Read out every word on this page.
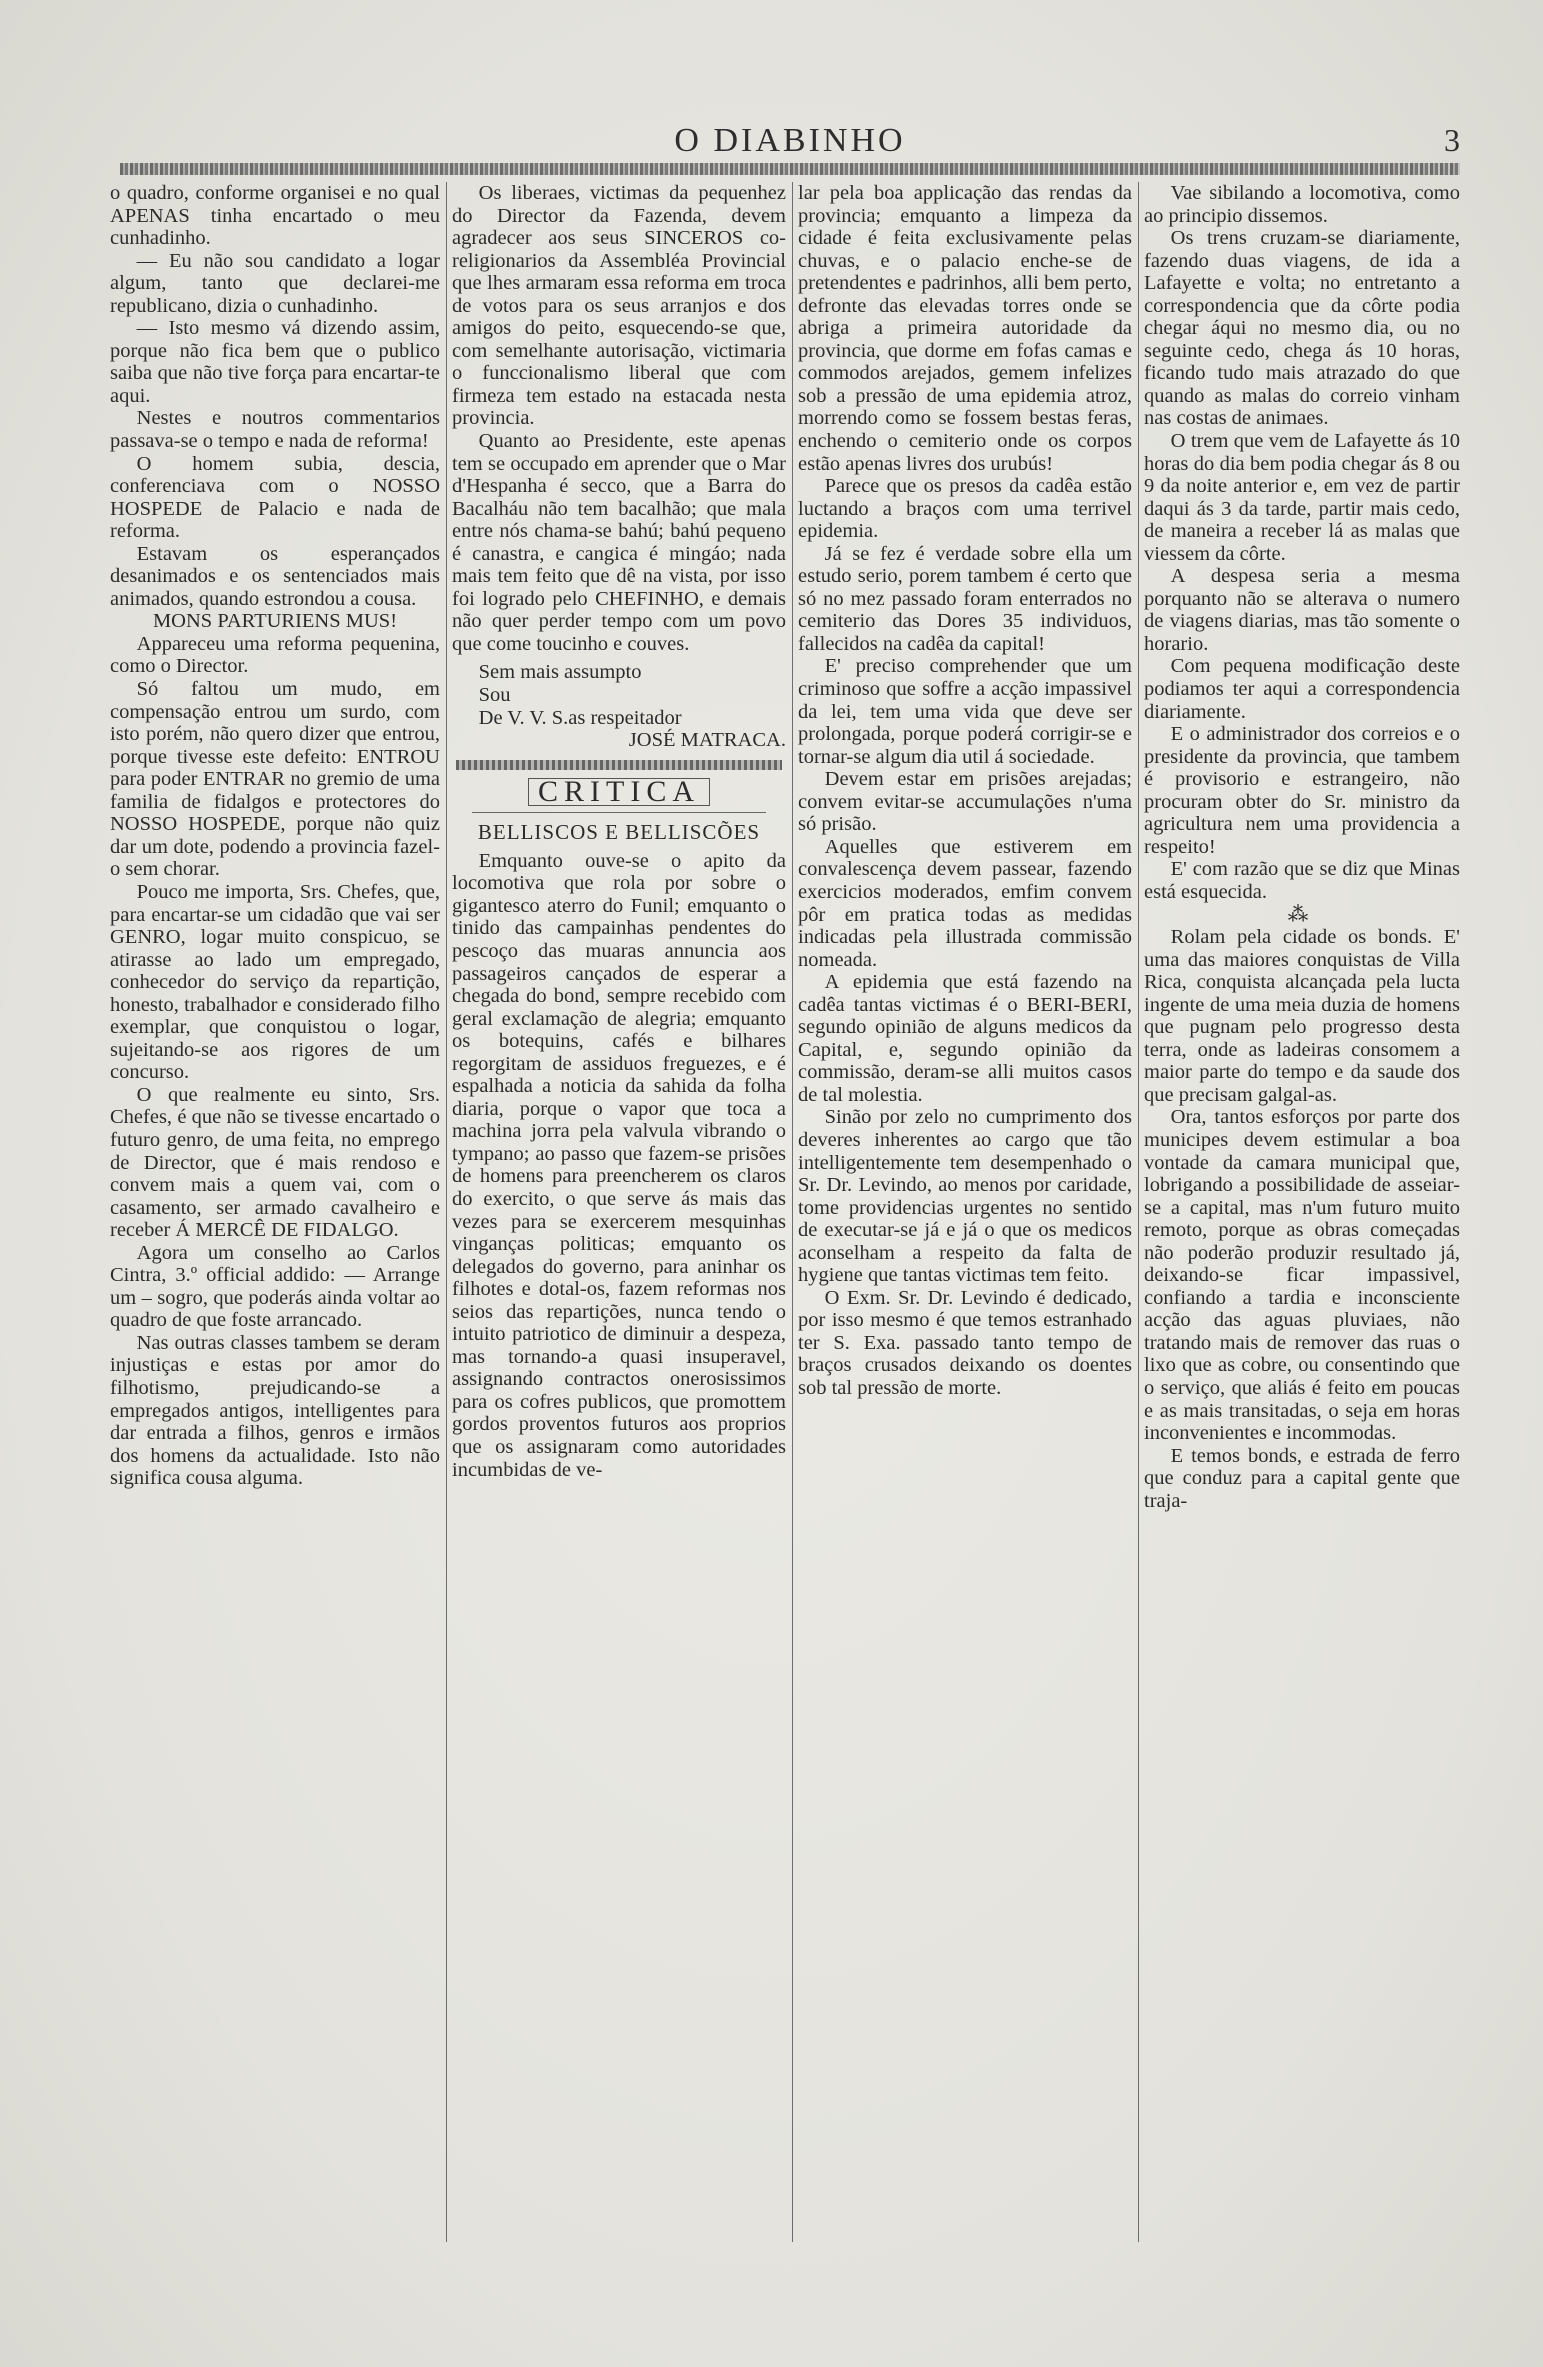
O DIABINHO	3

o quadro, conforme organisei e no qual APENAS tinha encartado o meu cunhadinho.

— Eu não sou candidato a logar algum, tanto que declarei-me republicano, dizia o cunhadinho.

— Isto mesmo vá dizendo assim, porque não fica bem que o publico saiba que não tive força para encartar-te aqui.

Nestes e noutros commentarios passava-se o tempo e nada de reforma!

O homem subia, descia, conferenciava com o NOSSO HOSPEDE de Palacio e nada de reforma.

Estavam os esperançados desanimados e os sentenciados mais animados, quando estrondou a cousa.

MONS PARTURIENS MUS!

Appareceu uma reforma pequenina, como o Director.

Só faltou um mudo, em compensação entrou um surdo, com isto porém, não quero dizer que entrou, porque tivesse este defeito: ENTROU para poder ENTRAR no gremio de uma familia de fidalgos e protectores do NOSSO HOSPEDE, porque não quiz dar um dote, podendo a provincia fazel-o sem chorar.

Pouco me importa, Srs. Chefes, que, para encartar-se um cidadão que vai ser GENRO, logar muito conspicuo, se atirasse ao lado um empregado, conhecedor do serviço da repartição, honesto, trabalhador e considerado filho exemplar, que conquistou o logar, sujeitando-se aos rigores de um concurso.

O que realmente eu sinto, Srs. Chefes, é que não se tivesse encartado o futuro genro, de uma feita, no emprego de Director, que é mais rendoso e convem mais a quem vai, com o casamento, ser armado cavalheiro e receber Á MERCÊ DE FIDALGO.

Agora um conselho ao Carlos Cintra, 3.º official addido: — Arrange um – sogro, que poderás ainda voltar ao quadro de que foste arrancado.

Nas outras classes tambem se deram injustiças e estas por amor do filhotismo, prejudicando-se a empregados antigos, intelligentes para dar entrada a filhos, genros e irmãos dos homens da actualidade. Isto não significa cousa alguma.

Os liberaes, victimas da pequenhez do Director da Fazenda, devem agradecer aos seus SINCEROS co-religionarios da Assembléa Provincial que lhes armaram essa reforma em troca de votos para os seus arranjos e dos amigos do peito, esquecendo-se que, com semelhante autorisação, victimaria o funccionalismo liberal que com firmeza tem estado na estacada nesta provincia.

Quanto ao Presidente, este apenas tem se occupado em aprender que o Mar d'Hespanha é secco, que a Barra do Bacalháu não tem bacalhão; que mala entre nós chama-se bahú; bahú pequeno é canastra, e cangica é mingáo; nada mais tem feito que dê na vista, por isso foi logrado pelo CHEFINHO, e demais não quer perder tempo com um povo que come toucinho e couves.

Sem mais assumpto

Sou

De V. V. S.as respeitador

JOSÉ MATRACA.

CRITICA
BELLISCOS E BELLISCÕES

Emquanto ouve-se o apito da locomotiva que rola por sobre o gigantesco aterro do Funil; emquanto o tinido das campainhas pendentes do pescoço das muaras annuncia aos passageiros cançados de esperar a chegada do bond, sempre recebido com geral exclamação de alegria; emquanto os botequins, cafés e bilhares regorgitam de assiduos freguezes, e é espalhada a noticia da sahida da folha diaria, porque o vapor que toca a machina jorra pela valvula vibrando o tympano; ao passo que fazem-se prisões de homens para preencherem os claros do exercito, o que serve ás mais das vezes para se exercerem mesquinhas vinganças politicas; emquanto os delegados do governo, para aninhar os filhotes e dotal-os, fazem reformas nos seios das repartições, nunca tendo o intuito patriotico de diminuir a despeza, mas tornando-a quasi insuperavel, assignando contractos onerosissimos para os cofres publicos, que promottem gordos proventos futuros aos proprios que os assignaram como autoridades incumbidas de ve-

lar pela boa applicação das rendas da provincia; emquanto a limpeza da cidade é feita exclusivamente pelas chuvas, e o palacio enche-se de pretendentes e padrinhos, alli bem perto, defronte das elevadas torres onde se abriga a primeira autoridade da provincia, que dorme em fofas camas e commodos arejados, gemem infelizes sob a pressão de uma epidemia atroz, morrendo como se fossem bestas feras, enchendo o cemiterio onde os corpos estão apenas livres dos urubús!

Parece que os presos da cadêa estão luctando a braços com uma terrivel epidemia.

Já se fez é verdade sobre ella um estudo serio, porem tambem é certo que só no mez passado foram enterrados no cemiterio das Dores 35 individuos, fallecidos na cadêa da capital!

E' preciso comprehender que um criminoso que soffre a acção impassivel da lei, tem uma vida que deve ser prolongada, porque poderá corrigir-se e tornar-se algum dia util á sociedade.

Devem estar em prisões arejadas; convem evitar-se accumulações n'uma só prisão.

Aquelles que estiverem em convalescença devem passear, fazendo exercicios moderados, emfim convem pôr em pratica todas as medidas indicadas pela illustrada commissão nomeada.

A epidemia que está fazendo na cadêa tantas victimas é o BERI-BERI, segundo opinião de alguns medicos da Capital, e, segundo opinião da commissão, deram-se alli muitos casos de tal molestia.

Sinão por zelo no cumprimento dos deveres inherentes ao cargo que tão intelligentemente tem desempenhado o Sr. Dr. Levindo, ao menos por caridade, tome providencias urgentes no sentido de executar-se já e já o que os medicos aconselham a respeito da falta de hygiene que tantas victimas tem feito.

O Exm. Sr. Dr. Levindo é dedicado, por isso mesmo é que temos estranhado ter S. Exa. passado tanto tempo de braços crusados deixando os doentes sob tal pressão de morte.

Vae sibilando a locomotiva, como ao principio dissemos.

Os trens cruzam-se diariamente, fazendo duas viagens, de ida a Lafayette e volta; no entretanto a correspondencia que da côrte podia chegar áqui no mesmo dia, ou no seguinte cedo, chega ás 10 horas, ficando tudo mais atrazado do que quando as malas do correio vinham nas costas de animaes.

O trem que vem de Lafayette ás 10 horas do dia bem podia chegar ás 8 ou 9 da noite anterior e, em vez de partir daqui ás 3 da tarde, partir mais cedo, de maneira a receber lá as malas que viessem da côrte.

A despesa seria a mesma porquanto não se alterava o numero de viagens diarias, mas tão somente o horario.

Com pequena modificação deste podiamos ter aqui a correspondencia diariamente.

E o administrador dos correios e o presidente da provincia, que tambem é provisorio e estrangeiro, não procuram obter do Sr. ministro da agricultura nem uma providencia a respeito!

E' com razão que se diz que Minas está esquecida.

⁂

Rolam pela cidade os bonds. E' uma das maiores conquistas de Villa Rica, conquista alcançada pela lucta ingente de uma meia duzia de homens que pugnam pelo progresso desta terra, onde as ladeiras consomem a maior parte do tempo e da saude dos que precisam galgal-as.

Ora, tantos esforços por parte dos municipes devem estimular a boa vontade da camara municipal que, lobrigando a possibilidade de asseiar-se a capital, mas n'um futuro muito remoto, porque as obras começadas não poderão produzir resultado já, deixando-se ficar impassivel, confiando a tardia e inconsciente acção das aguas pluviaes, não tratando mais de remover das ruas o lixo que as cobre, ou consentindo que o serviço, que aliás é feito em poucas e as mais transitadas, o seja em horas inconvenientes e incommodas.

E temos bonds, e estrada de ferro que conduz para a capital gente que traja-
